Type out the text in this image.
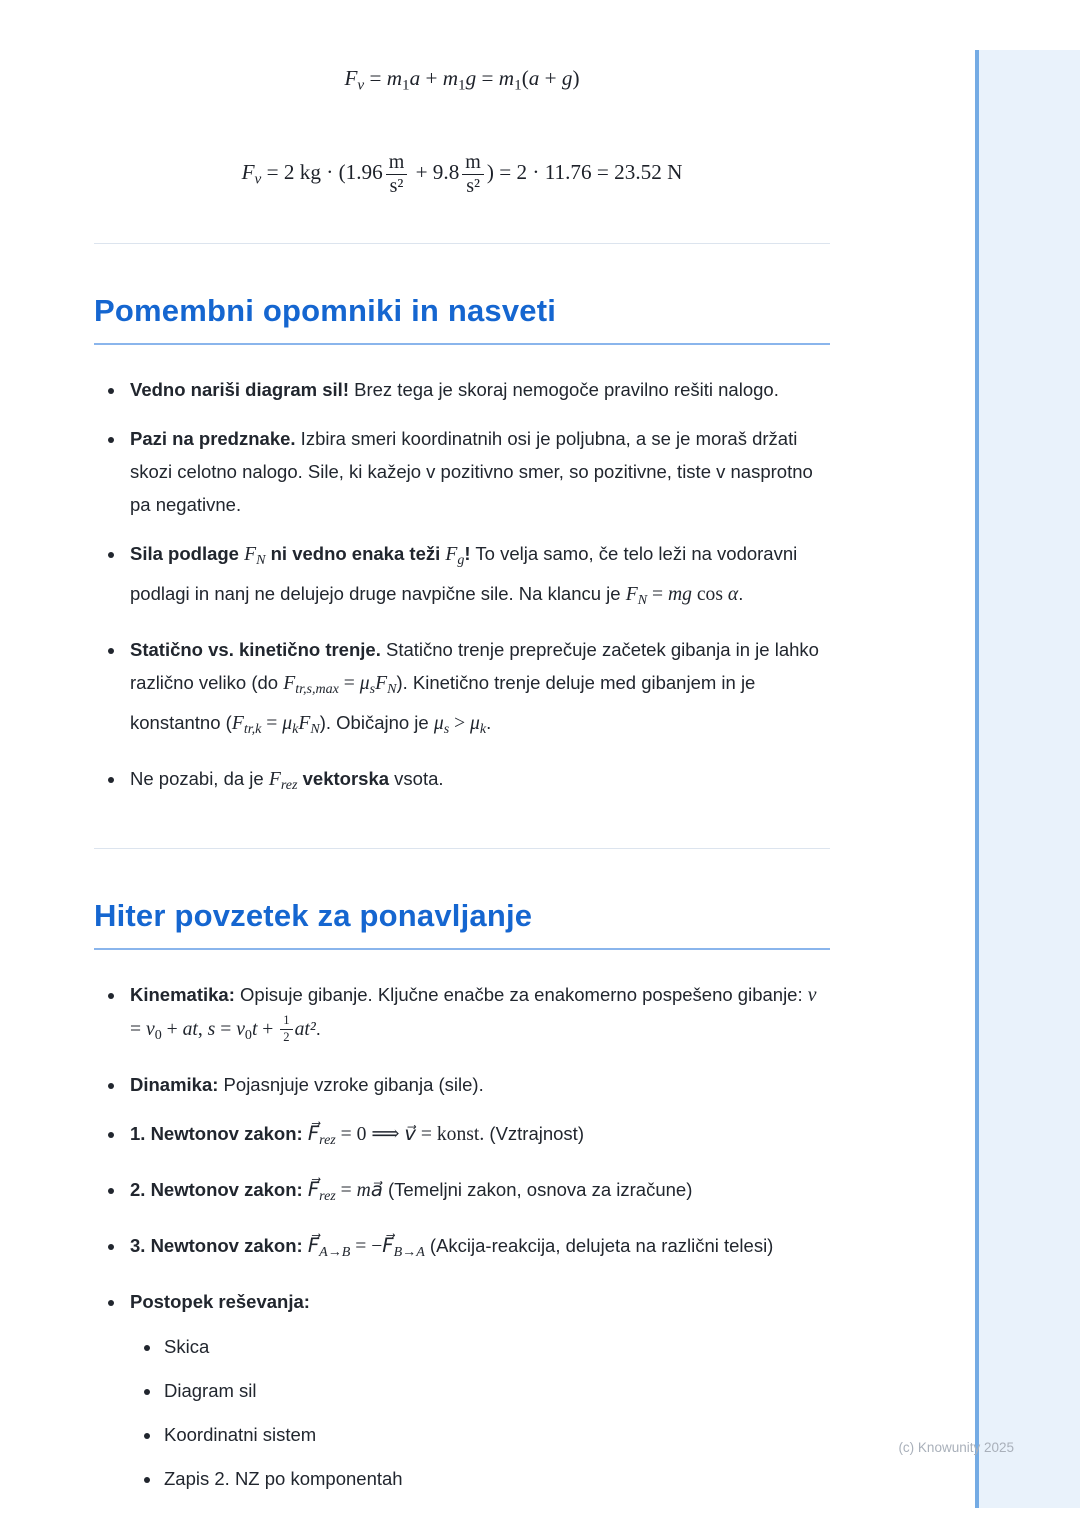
$F_v = m_1a + m_1g = m_1(a + g)$
$F_v = 2$ kg · ($1.96 \frac{m}{\text{s²}} + 9.8 \frac{m}{\text{s²}}$ ) = 2 · 11.76 = 23.52 N
Pomembni opomniki in nasveti
• Vedno nariši diagram sil! Brez tega je skoraj nemogoče pravilno rešiti nalogo.
• Pazi na predznake. Izbira smeri koordinatnih osi je poljubna, a se je moraš držati skozi celotno nalogo. Sile, ki kažejo v pozitivno smer, so pozitivne, tiste v nasprotno pa negativne.
• Sila podlage $F_N$ ni vedno enaka teži $F_g$! To velja samo, če telo leži na vodoravni podlagi in nanj ne delujejo druge navpične sile. Na klancu je $F_N$ = mg cos α.
• Statično vs. kinetično trenje. Statično trenje preprečuje začetek gibanja in je lahko različno veliko (do $F_{tr,s,max} = \mu_sF_N$). Kinetično trenje deluje med gibanjem in je konstantno $(F_{tr,k} = \mu_kF_N)$. Običajno je $\mu_s > \mu_k$.
• Ne pozabi, da je $F_{rez}$ vektorska vsota.
Hiter povzetek za ponavljanje
• Kinematika: Opisuje gibanje. Ključne enačbe za enakomerno pospešeno gibanje: $v = v_0$ + at, $s = v_0t + \frac{1}{2} at^2$.
• Dinamika: Pojasnjuje vzroke gibanja (sile).
• 1. Newtonov zakon: $F⃗_{rez} = 0$ ⟹ v⃗ = konst. (Vztrajnost)
• 2. Newtonov zakon: $F⃗_{rez}$ = ma⃗ (Temeljni zakon, osnova za izračune)
• 3. Newtonov zakon: $F⃗_{A\to B}$ = $-F⃗_{B\to A}$ (Akcija-reakcija, delujeta na različni telesi)
• Postopek reševanja:
• Skica
• Diagram sil
• Koordinatni sistem
• Zapis 2. NZ po komponentah
(c) Knowunity 2025
